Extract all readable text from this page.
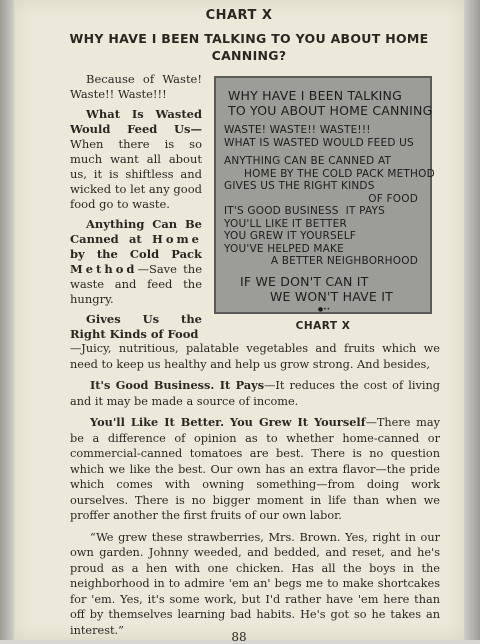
CHART X
WHY HAVE I BEEN TALKING TO YOU ABOUT HOME CANNING?

Because of Waste! Waste!! Waste!!!

What Is Wasted Would Feed Us— When there is so much want all about us, it is shiftless and wicked to let any good food go to waste.

Anything Can Be Canned at Home by the Cold Pack Method—Save the waste and feed the hungry.

Gives Us the Right Kinds of Food

WHY HAVE I BEEN TALKING
TO YOU ABOUT HOME CANNING
WASTE! WASTE!! WASTE!!!
WHAT IS WASTED WOULD FEED US
ANYTHING CAN BE CANNED AT
HOME BY THE COLD PACK METHOD
GIVES US THE RIGHT KINDS
OF FOOD
IT'S GOOD BUSINESS  IT PAYS
YOU'LL LIKE IT BETTER
YOU GREW IT YOURSELF
YOU'VE HELPED MAKE
A BETTER NEIGHBORHOOD
IF WE DON'T CAN IT
WE WON'T HAVE IT
●••
CHART X

—Juicy, nutritious, palatable vegetables and fruits which we need to keep us healthy and help us grow strong. And besides,

It's Good Business. It Pays—It reduces the cost of living and it may be made a source of income.

You'll Like It Better. You Grew It Yourself—There may be a difference of opinion as to whether home-canned or commercial-canned tomatoes are best. There is no question which we like the best. Our own has an extra flavor—the pride which comes with owning something—from doing work ourselves. There is no bigger moment in life than when we proffer another the first fruits of our own labor.

“We grew these strawberries, Mrs. Brown. Yes, right in our own garden. Johnny weeded, and bedded, and reset, and he's proud as a hen with one chicken. Has all the boys in the neighborhood in to admire 'em an' begs me to make shortcakes for 'em. Yes, it's some work, but I'd rather have 'em here than off by themselves learning bad habits. He's got so he takes an interest.”	88
